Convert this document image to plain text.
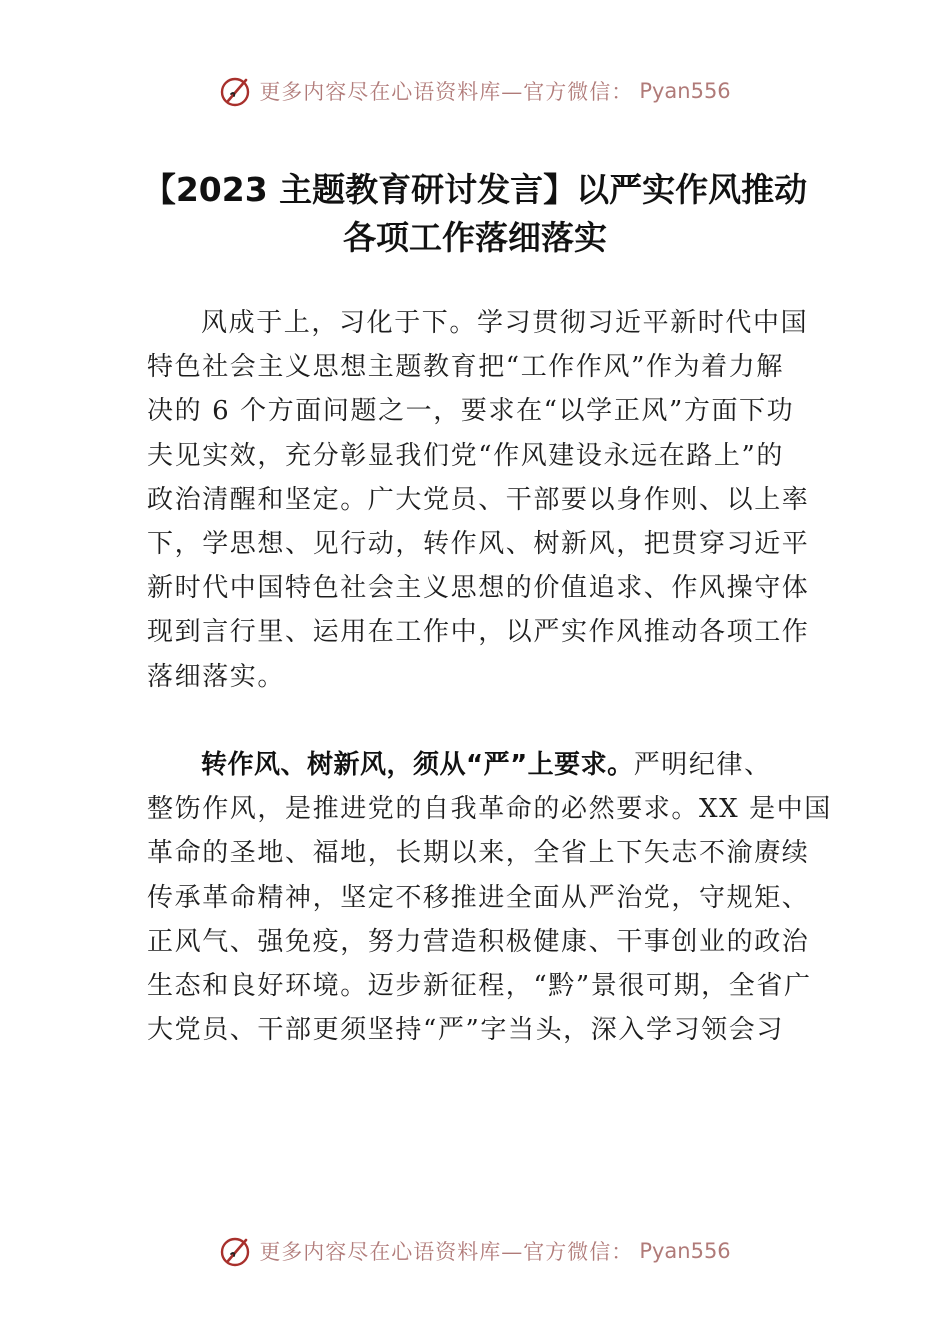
更多内容尽在心语资料库—官方微信： Pyan556
【2023 主题教育研讨发言】以严实作风推动
各项工作落细落实
风成于上，习化于下。学习贯彻习近平新时代中国
特色社会主义思想主题教育把“工作作风”作为着力解
决的 6 个方面问题之一，要求在“以学正风”方面下功
夫见实效，充分彰显我们党“作风建设永远在路上”的
政治清醒和坚定。广大党员、干部要以身作则、以上率
下，学思想、见行动，转作风、树新风，把贯穿习近平
新时代中国特色社会主义思想的价值追求、作风操守体
现到言行里、运用在工作中，以严实作风推动各项工作
落细落实。
转作风、树新风，须从“严”上要求。严明纪律、
整饬作风，是推进党的自我革命的必然要求。XX 是中国
革命的圣地、福地，长期以来，全省上下矢志不渝赓续
传承革命精神，坚定不移推进全面从严治党，守规矩、
正风气、强免疫，努力营造积极健康、干事创业的政治
生态和良好环境。迈步新征程，“黔”景很可期，全省广
大党员、干部更须坚持“严”字当头，深入学习领会习
更多内容尽在心语资料库—官方微信： Pyan556
